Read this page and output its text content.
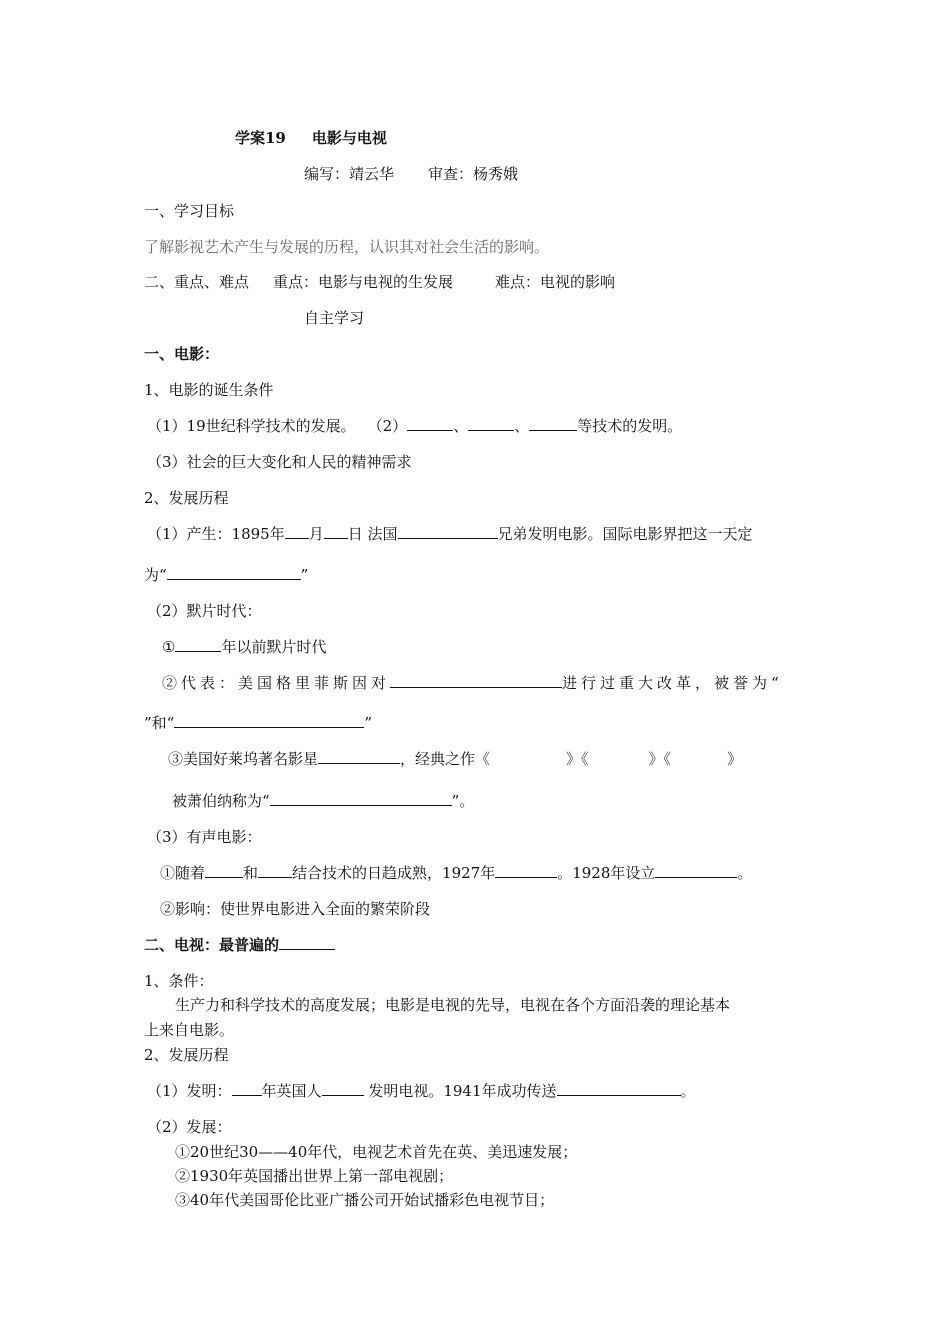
学案19 电影与电视
编写：靖云华 审查：杨秀娥
一、学习目标
了解影视艺术产生与发展的历程，认识其对社会生活的影响。
二、重点、难点 重点：电影与电视的生发展	难点：电视的影响
自主学习
一、电影：
1、电影的诞生条件
（1）19世纪科学技术的发展。 （2）	、	、	等技术的发明。
（3）社会的巨大变化和人民的精神需求
2、发展历程
（1）产生：1895年 月 日 法国	兄弟发明电影。国际电影界把这一天定
为“	”
（2）默片时代：
①	年以前默片时代
②代表：美国格里菲斯因对	进行过重大改革，被誉为“
”和“	”
③美国好莱坞著名影星	，经典之作《	》《	》《	》
被萧伯纳称为“	”。
（3）有声电影：
①随着	和 结合技术的日趋成熟，1927年	。1928年设立	。
②影响：使世界电影进入全面的繁荣阶段
二、电视：最普遍的
1、条件：
生产力和科学技术的高度发展；电影是电视的先导，电视在各个方面沿袭的理论基本
上来自电影。
2、发展历程
（1）发明： 年英国人	发明电视。1941年成功传送	。
（2）发展：
①20世纪30——40年代，电视艺术首先在英、美迅速发展；
②1930年英国播出世界上第一部电视剧；
③40年代美国哥伦比亚广播公司开始试播彩色电视节目；
